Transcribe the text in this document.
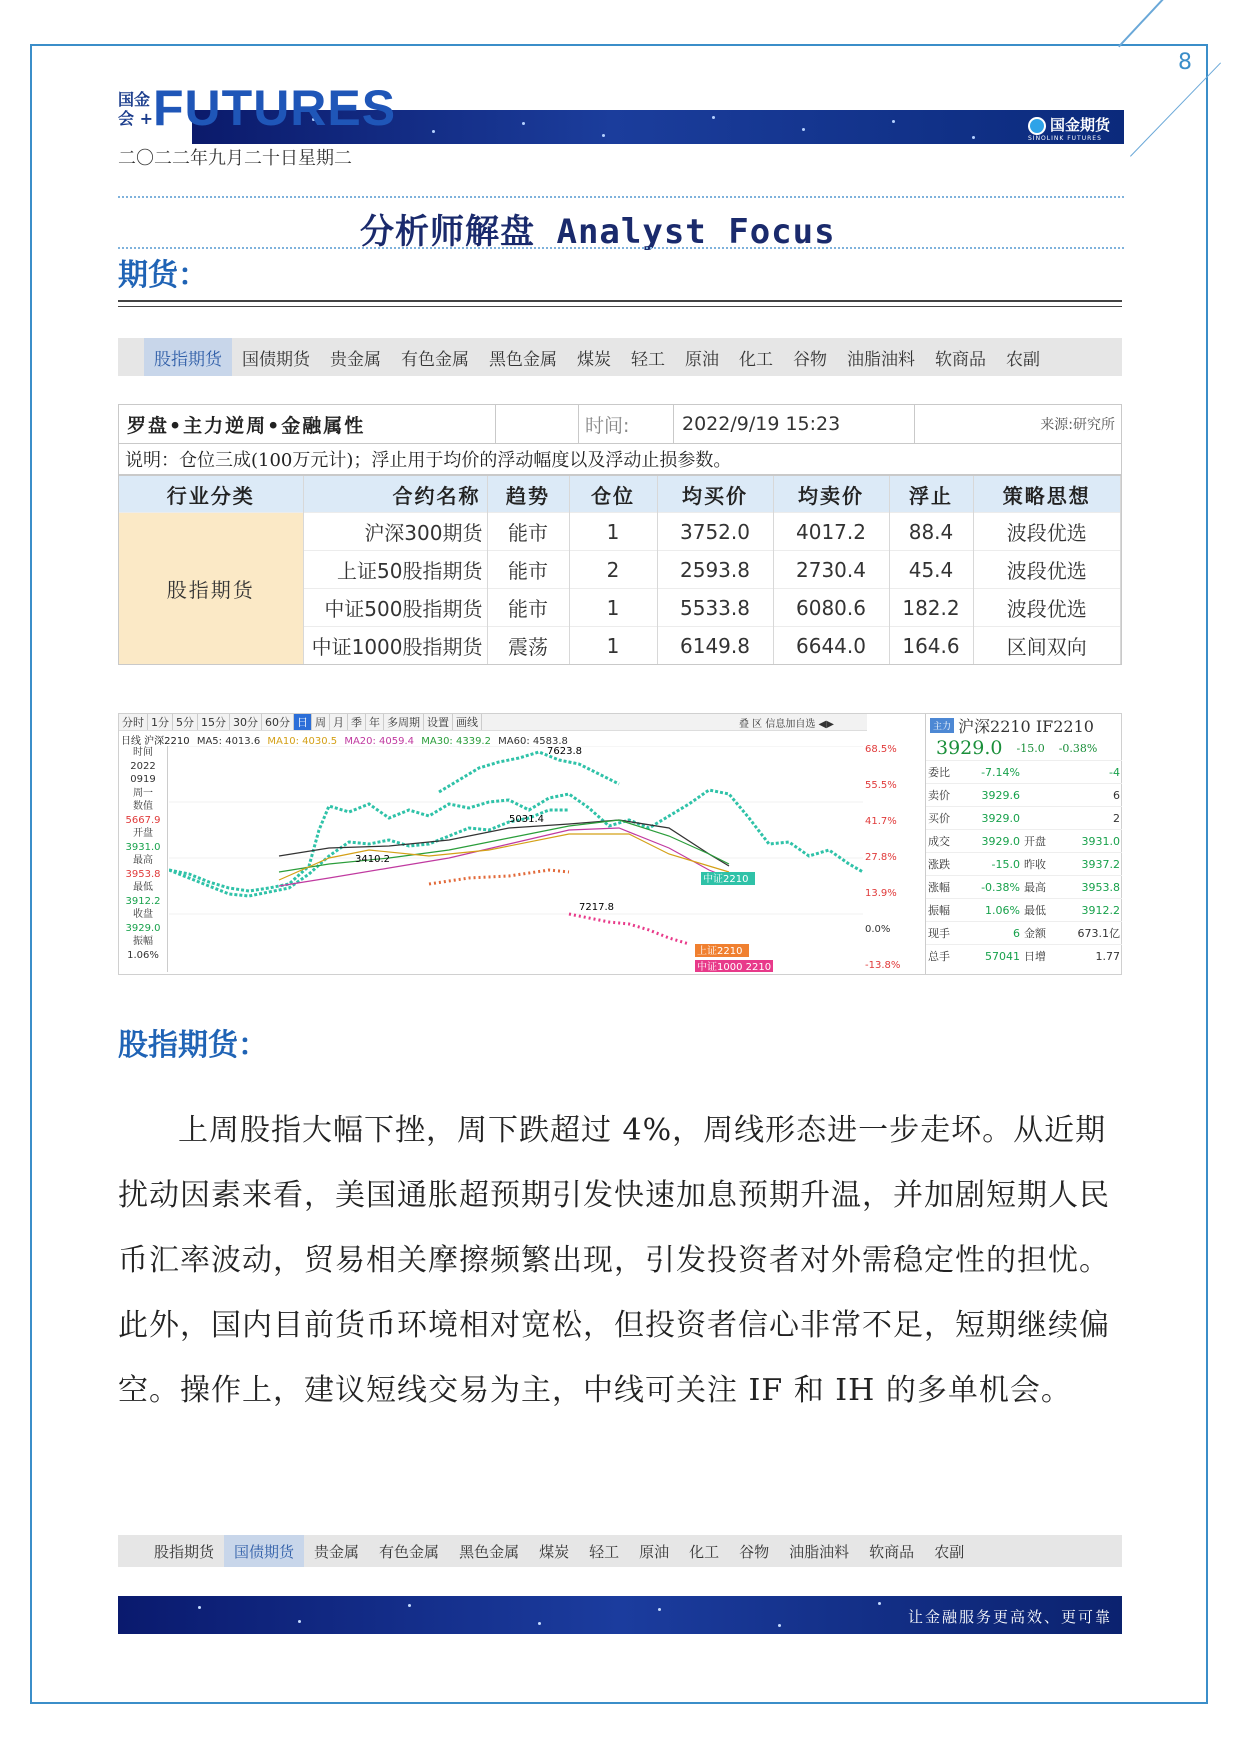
8
国金
会 +	国金期货
SINOLINK FUTURES
FUTURES
二〇二二年九月二十日星期二
分析师解盘 Analyst Focus
期货：
股指期货	国债期货	贵金属	有色金属	黑色金属	煤炭	轻工	原油	化工	谷物	油脂油料	软商品	农副
罗盘•主力逆周•金融属性	时间:	2022/9/19 15:23	来源:研究所
说明：仓位三成(100万元计)；浮止用于均价的浮动幅度以及浮动止损参数。
行业分类	合约名称	趋势	仓位	均买价	均卖价	浮止	策略思想
股指期货	沪深300期货	能市	1	3752.0	4017.2	88.4	波段优选
	上证50股指期货	能市	2	2593.8	2730.4	45.4	波段优选
	中证500股指期货	能市	1	5533.8	6080.6	182.2	波段优选
	中证1000股指期货	震荡	1	6149.8	6644.0	164.6	区间双向
分时 1分 5分 15分 30分 60分 日 周 月 季 年 多周期 设置 画线	叠 区 信息加自选 ◀▶
日线 沪深2210 MA5: 4013.6 MA10: 4030.5 MA20: 4059.4 MA30: 4339.2 MA60: 4583.8
时间
2022
0919
周一
数值
5667.9
开盘
3931.0
最高
3953.8
最低
3912.2
收盘
3929.0
振幅
1.06%
7623.8
5031.4
3410.2
7217.8
中证2210
上证2210
中证1000 2210
68.5%
55.5%
41.7%
27.8%
13.9%
0.0%
-13.8%
主力 沪深2210 IF2210
3929.0 -15.0 -0.38%
委比	-7.14%	-4
卖价	3929.6	6
买价	3929.0	2
成交	3929.0 开盘	3931.0
涨跌	-15.0 昨收	3937.2
涨幅	-0.38% 最高	3953.8
振幅	1.06% 最低	3912.2
现手	6 金额	673.1亿
总手	57041 日增	1.77
股指期货：
上周股指大幅下挫，周下跌超过 4%，周线形态进一步走坏。从近期扰动因素来看，美国通胀超预期引发快速加息预期升温，并加剧短期人民币汇率波动，贸易相关摩擦频繁出现，引发投资者对外需稳定性的担忧。此外，国内目前货币环境相对宽松，但投资者信心非常不足，短期继续偏空。操作上，建议短线交易为主，中线可关注 IF 和 IH 的多单机会。
股指期货	国债期货	贵金属	有色金属	黑色金属	煤炭	轻工	原油	化工	谷物	油脂油料	软商品	农副
让金融服务更高效、更可靠
